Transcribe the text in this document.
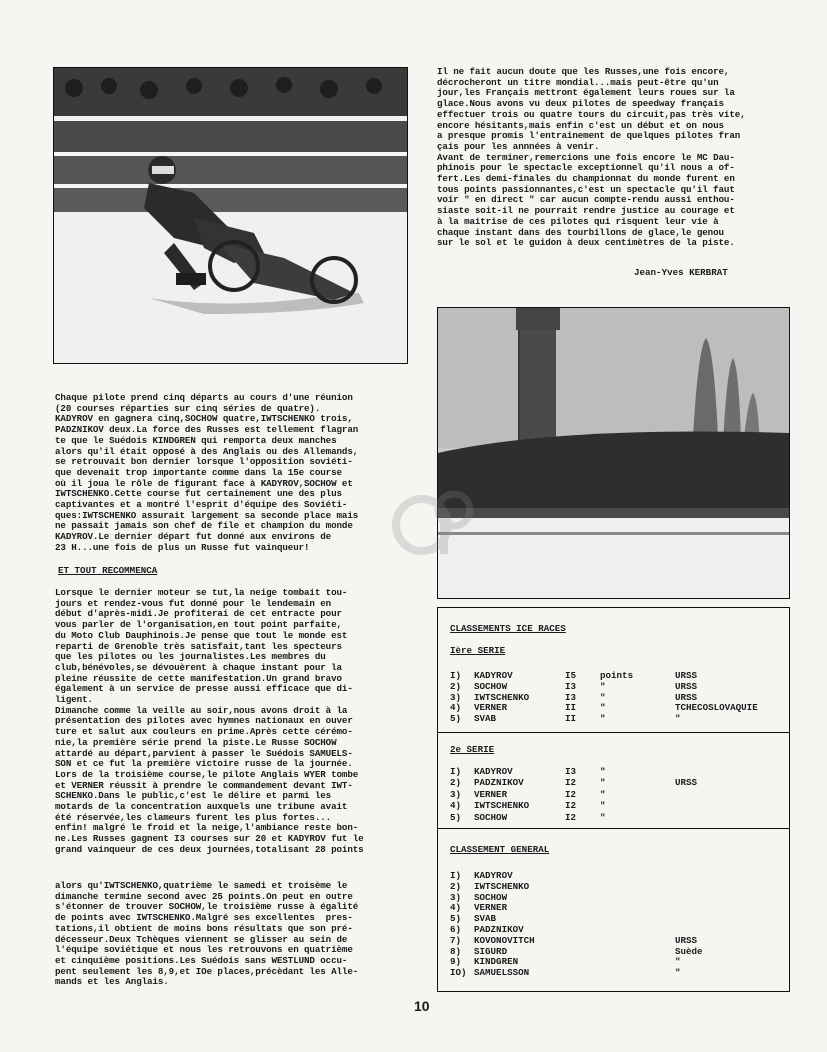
Il ne fait aucun doute que les Russes,une fois encore,
décrocheront un titre mondial...mais peut-être qu'un
jour,les Français mettront également leurs roues sur la
glace.Nous avons vu deux pilotes de speedway français
effectuer trois ou quatre tours du circuit,pas très vite,
encore hésitants,mais enfin c'est un début et on nous
a presque promis l'entrainement de quelques pilotes fran
çais pour les annnées à venir.
Avant de terminer,remercions une fois encore le MC Dau-
phinois pour le spectacle exceptionnel qu'il nous a of-
fert.Les demi-finales du championnat du monde furent en
tous points passionnantes,c'est un spectacle qu'il faut
voir " en direct " car aucun compte-rendu aussi enthou-
siaste soit-il ne pourrait rendre justice au courage et
à la maitrise de ces pilotes qui risquent leur vie à
chaque instant dans des tourbillons de glace,le genou
sur le sol et le guidon à deux centimètres de la piste.
Jean-Yves KERBRAT
Chaque pilote prend cinq départs au cours d'une réunion
(20 courses réparties sur cinq séries de quatre).
KADYROV en gagnera cinq,SOCHOW quatre,IWTSCHENKO trois,
PADZNIKOV deux.La force des Russes est tellement flagran
te que le Suédois KINDGREN qui remporta deux manches
alors qu'il était opposé à des Anglais ou des Allemands,
se retrouvait bon dernier lorsque l'opposition soviéti-
que devenait trop importante comme dans la 15e course
où il joua le rôle de figurant face à KADYROV,SOCHOW et
IWTSCHENKO.Cette course fut certainement une des plus
captivantes et a montré l'esprit d'équipe des Soviéti-
ques:IWTSCHENKO assurait largement sa seconde place mais
ne passait jamais son chef de file et champion du monde
KADYROV.Le dernier départ fut donné aux environs de
23 H...une fois de plus un Russe fut vainqueur!
ET TOUT RECOMMENCA
Lorsque le dernier moteur se tut,la neige tombait tou-
jours et rendez-vous fut donné pour le lendemain en
début d'après-midi.Je profiterai de cet entracte pour
vous parler de l'organisation,en tout point parfaite,
du Moto Club Dauphinois.Je pense que tout le monde est
reparti de Grenoble très satisfait,tant les specteurs
que les pilotes ou les journalistes.Les membres du
club,bénévoles,se dévouèrent à chaque instant pour la
pleine réussite de cette manifestation.Un grand bravo
également à un service de presse aussi efficace que di-
ligent.
Dimanche comme la veille au soir,nous avons droit à la
présentation des pilotes avec hymnes nationaux en ouver
ture et salut aux couleurs en prime.Après cette cérémo-
nie,la première série prend la piste.Le Russe SOCHOW
attardé au départ,parvient à passer le Suédois SAMUELS-
SON et ce fut la première victoire russe de la journée.
Lors de la troisième course,le pilote Anglais WYER tombe
et VERNER réussit à prendre le commandement devant IWT-
SCHENKO.Dans le public,c'est le délire et parmi les
motards de la concentration auxquels une tribune avait
été réservée,les clameurs furent les plus fortes...
enfin! malgré le froid et la neige,l'ambiance reste bon-
ne.Les Russes gagnent I3 courses sur 20 et KADYROV fut le
grand vainqueur de ces deux journées,totalisant 28 points
alors qu'IWTSCHENKO,quatrième le samedi et troisème le
dimanche termine second avec 25 points.On peut en outre
s'étonner de trouver SOCHOW,le troisième russe à égalité
de points avec IWTSCHENKO.Malgré ses excellentes  pres-
tations,il obtient de moins bons résultats que son pré-
décesseur.Deux Tchèques viennent se glisser au sein de
l'équipe soviétique et nous les retrouvons en quatrième
et cinquième positions.Les Suédois sans WESTLUND occu-
pent seulement les 8,9,et IOe places,précèdant les Alle-
mands et les Anglais.
CLASSEMENTS ICE RACES
Ière SERIE
I) KADYROV	I5	points	URSS
2) SOCHOW	I3	"	URSS
3) IWTSCHENKO	I3	"	URSS
4) VERNER	II	"	TCHECOSLOVAQUIE
5) SVAB	II	"	"
2e SERIE
I) KADYROV	I3	"
2) PADZNIKOV	I2	"	URSS
3) VERNER	I2	"
4) IWTSCHENKO	I2	"
5) SOCHOW	I2	"
CLASSEMENT GENERAL
I) KADYROV
2) IWTSCHENKO
3) SOCHOW
4) VERNER
5) SVAB
6) PADZNIKOV
7) KOVONOVITCH	URSS
8) SIGURD	Suède
9) KINDGREN	"
IO) SAMUELSSON	"
10
